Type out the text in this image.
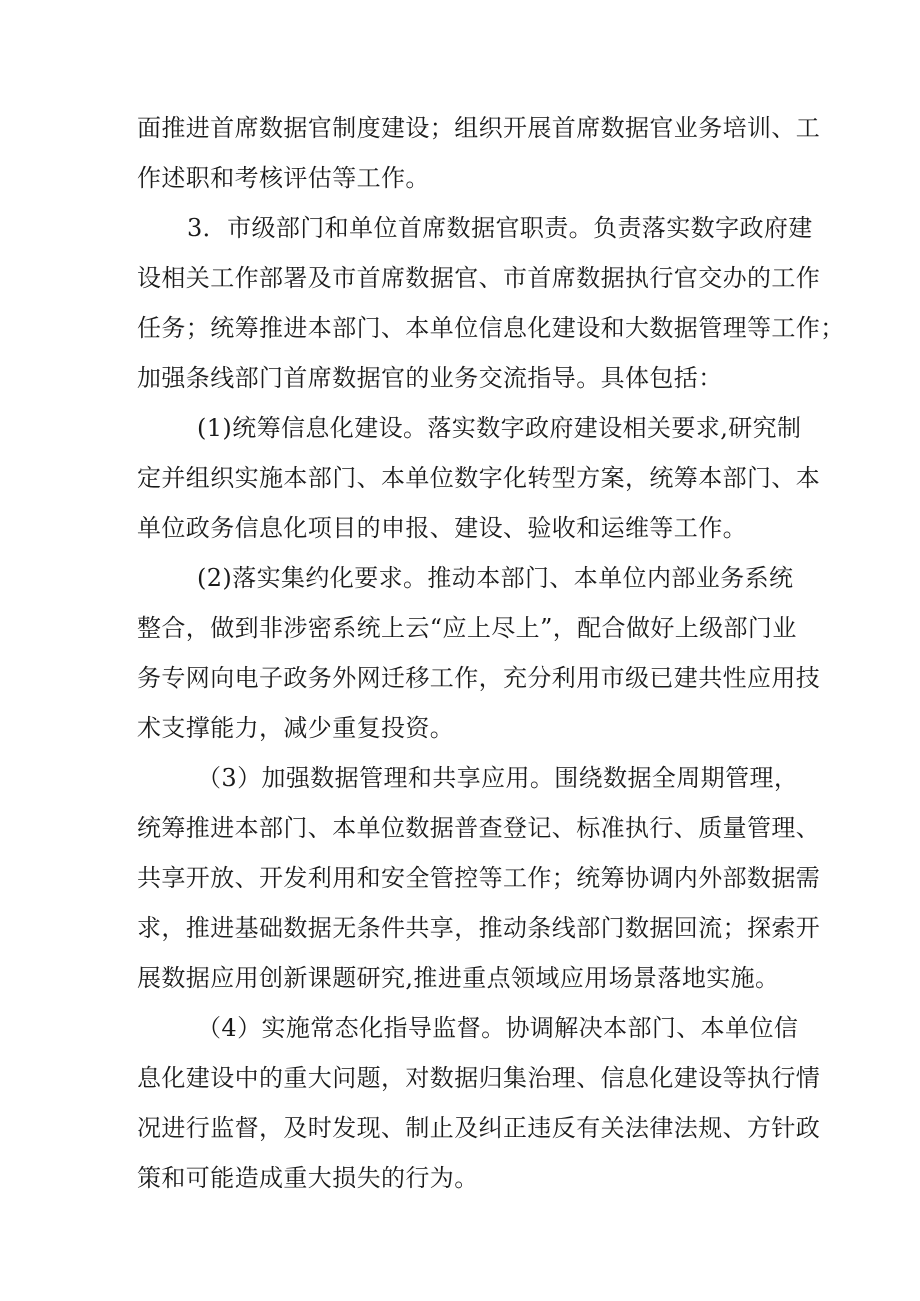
面推进首席数据官制度建设；组织开展首席数据官业务培训、工
作述职和考核评估等工作。
3．市级部门和单位首席数据官职责。负责落实数字政府建
设相关工作部署及市首席数据官、市首席数据执行官交办的工作
任务；统筹推进本部门、本单位信息化建设和大数据管理等工作；
加强条线部门首席数据官的业务交流指导。具体包括：
(1)统筹信息化建设。落实数字政府建设相关要求,研究制
定并组织实施本部门、本单位数字化转型方案，统筹本部门、本
单位政务信息化项目的申报、建设、验收和运维等工作。
(2)落实集约化要求。推动本部门、本单位内部业务系统
整合，做到非涉密系统上云“应上尽上”，配合做好上级部门业
务专网向电子政务外网迁移工作，充分利用市级已建共性应用技
术支撑能力，减少重复投资。
（3）加强数据管理和共享应用。围绕数据全周期管理，
统筹推进本部门、本单位数据普查登记、标准执行、质量管理、
共享开放、开发利用和安全管控等工作；统筹协调内外部数据需
求，推进基础数据无条件共享，推动条线部门数据回流；探索开
展数据应用创新课题研究,推进重点领域应用场景落地实施。
（4）实施常态化指导监督。协调解决本部门、本单位信
息化建设中的重大问题，对数据归集治理、信息化建设等执行情
况进行监督，及时发现、制止及纠正违反有关法律法规、方针政
策和可能造成重大损失的行为。
